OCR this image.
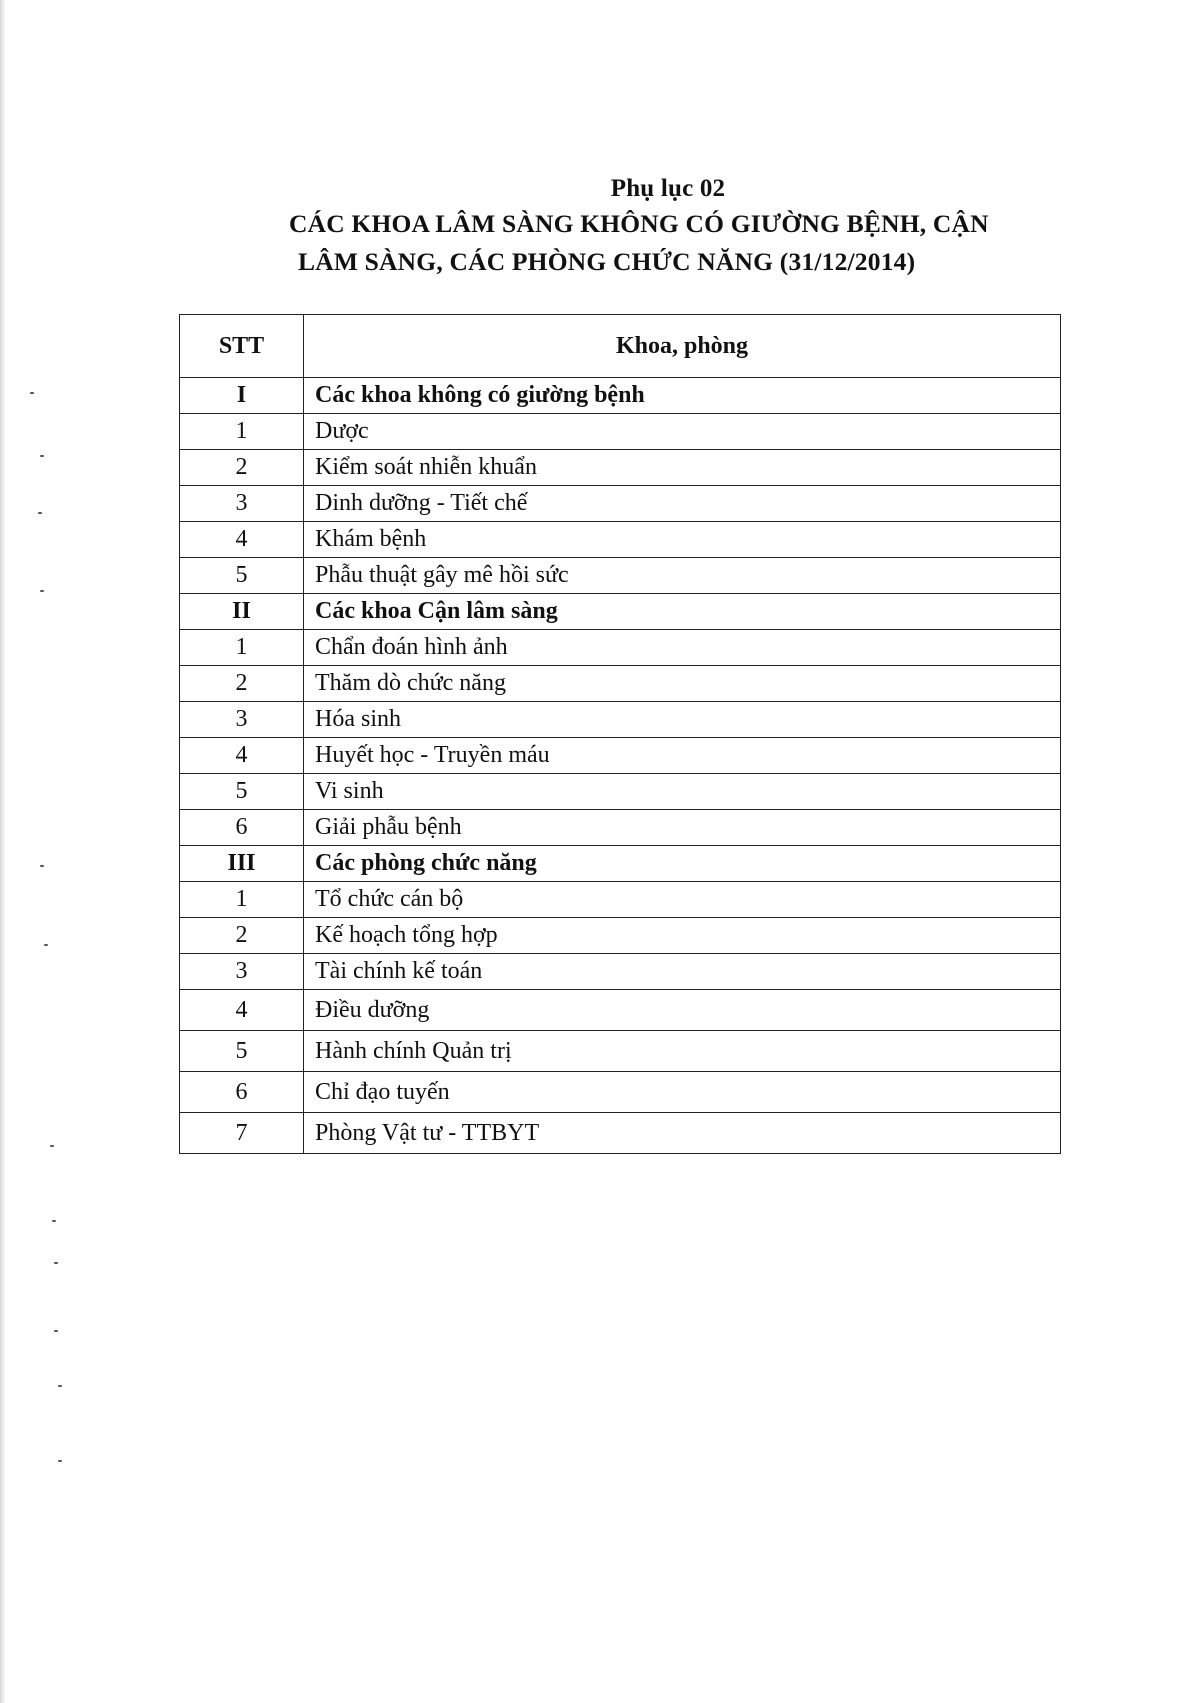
Phụ lục 02
CÁC KHOA LÂM SÀNG KHÔNG CÓ GIƯỜNG BỆNH, CẬN
LÂM SÀNG, CÁC PHÒNG CHỨC NĂNG (31/12/2014)
STT	Khoa, phòng
I	Các khoa không có giường bệnh
1	Dược
2	Kiểm soát nhiễn khuẩn
3	Dinh dưỡng - Tiết chế
4	Khám bệnh
5	Phẫu thuật gây mê hồi sức
II	Các khoa Cận lâm sàng
1	Chẩn đoán hình ảnh
2	Thăm dò chức năng
3	Hóa sinh
4	Huyết học - Truyền máu
5	Vi sinh
6	Giải phẫu bệnh
III	Các phòng chức năng
1	Tổ chức cán bộ
2	Kế hoạch tổng hợp
3	Tài chính kế toán
4	Điều dưỡng
5	Hành chính Quản trị
6	Chỉ đạo tuyến
7	Phòng Vật tư - TTBYT
